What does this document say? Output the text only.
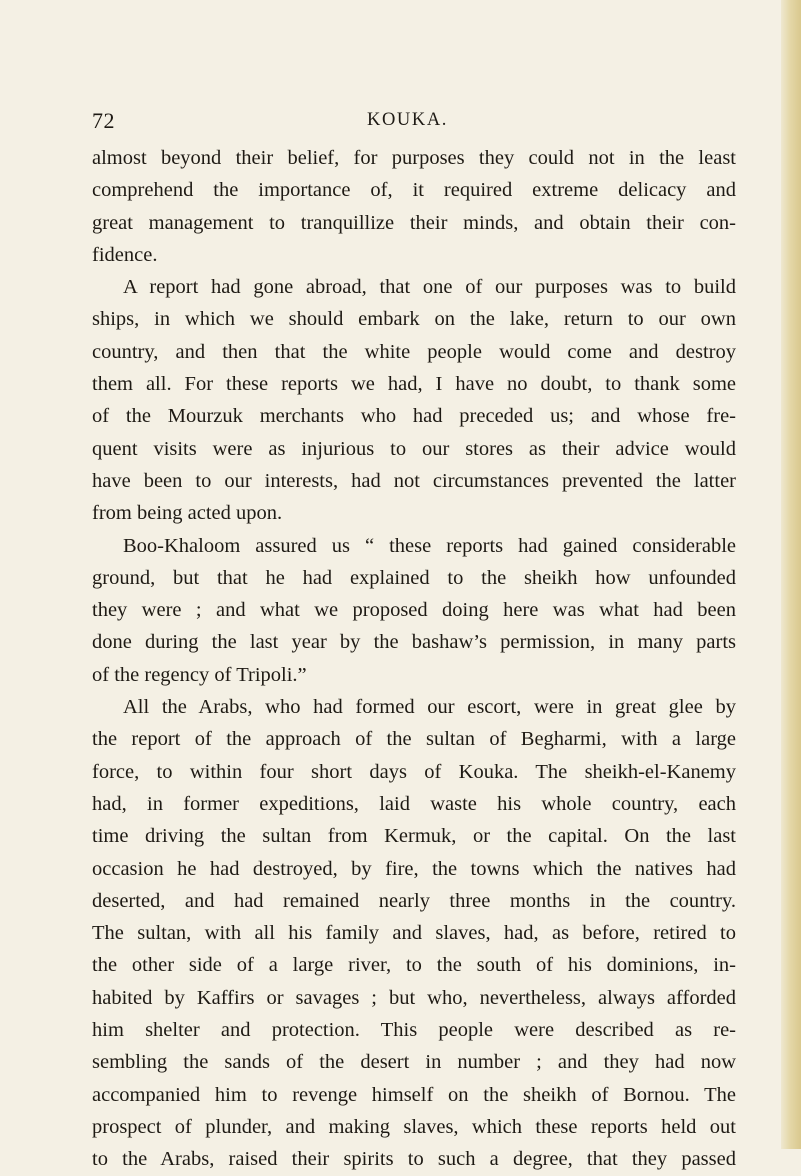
72	KOUKA.
almost beyond their belief, for purposes they could not in the least
comprehend the importance of, it required extreme delicacy and
great management to tranquillize their minds, and obtain their con-
fidence.
A report had gone abroad, that one of our purposes was to build
ships, in which we should embark on the lake, return to our own
country, and then that the white people would come and destroy
them all. For these reports we had, I have no doubt, to thank some
of the Mourzuk merchants who had preceded us; and whose fre-
quent visits were as injurious to our stores as their advice would
have been to our interests, had not circumstances prevented the latter
from being acted upon.
Boo-Khaloom assured us “ these reports had gained considerable
ground, but that he had explained to the sheikh how unfounded
they were ; and what we proposed doing here was what had been
done during the last year by the bashaw’s permission, in many parts
of the regency of Tripoli.”
All the Arabs, who had formed our escort, were in great glee by
the report of the approach of the sultan of Begharmi, with a large
force, to within four short days of Kouka. The sheikh-el-Kanemy
had, in former expeditions, laid waste his whole country, each
time driving the sultan from Kermuk, or the capital. On the last
occasion he had destroyed, by fire, the towns which the natives had
deserted, and had remained nearly three months in the country.
The sultan, with all his family and slaves, had, as before, retired to
the other side of a large river, to the south of his dominions, in-
habited by Kaffirs or savages ; but who, nevertheless, always afforded
him shelter and protection. This people were described as re-
sembling the sands of the desert in number ; and they had now
accompanied him to revenge himself on the sheikh of Bornou. The
prospect of plunder, and making slaves, which these reports held out
to the Arabs, raised their spirits to such a degree, that they passed
